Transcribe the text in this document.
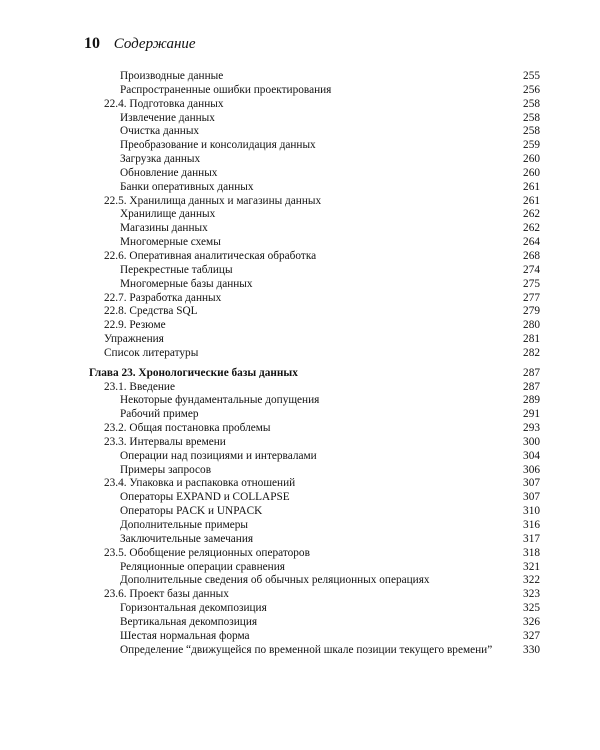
10 Содержание
Производные данные	255
Распространенные ошибки проектирования	256
22.4. Подготовка данных	258
Извлечение данных	258
Очистка данных	258
Преобразование и консолидация данных	259
Загрузка данных	260
Обновление данных	260
Банки оперативных данных	261
22.5. Хранилища данных и магазины данных	261
Хранилище данных	262
Магазины данных	262
Многомерные схемы	264
22.6. Оперативная аналитическая обработка	268
Перекрестные таблицы	274
Многомерные базы данных	275
22.7. Разработка данных	277
22.8. Средства SQL	279
22.9. Резюме	280
Упражнения	281
Список литературы	282
Глава 23. Хронологические базы данных	287
23.1. Введение	287
Некоторые фундаментальные допущения	289
Рабочий пример	291
23.2. Общая постановка проблемы	293
23.3. Интервалы времени	300
Операции над позициями и интервалами	304
Примеры запросов	306
23.4. Упаковка и распаковка отношений	307
Операторы EXPAND и COLLAPSE	307
Операторы PACK и UNPACK	310
Дополнительные примеры	316
Заключительные замечания	317
23.5. Обобщение реляционных операторов	318
Реляционные операции сравнения	321
Дополнительные сведения об обычных реляционных операциях	322
23.6. Проект базы данных	323
Горизонтальная декомпозиция	325
Вертикальная декомпозиция	326
Шестая нормальная форма	327
Определение “движущейся по временной шкале позиции текущего времени”	330
